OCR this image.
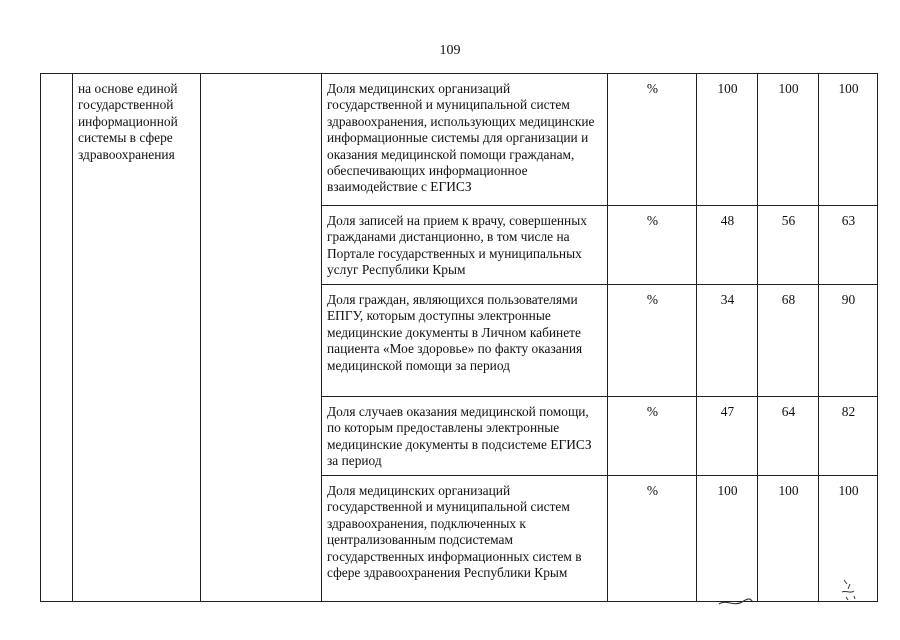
109
	на основе единой государственной информационной системы в сфере здравоохранения		Доля медицинских организаций государственной и муниципальной систем здравоохранения, использующих медицинские информационные системы для организации и оказания медицинской помощи гражданам, обеспечивающих информационное взаимодействие с ЕГИСЗ	%	100	100	100
			Доля записей на прием к врачу, совершенных гражданами дистанционно, в том числе на Портале государственных и муниципальных услуг Республики Крым	%	48	56	63
			Доля граждан, являющихся пользователями ЕПГУ, которым доступны электронные медицинские документы в Личном кабинете пациента «Мое здоровье» по факту оказания медицинской помощи за период	%	34	68	90
			Доля случаев оказания медицинской помощи, по которым предоставлены электронные медицинские документы в подсистеме ЕГИСЗ за период	%	47	64	82
			Доля медицинских организаций государственной и муниципальной систем здравоохранения, подключенных к централизованным подсистемам государственных информационных систем в сфере здравоохранения Республики Крым	%	100	100	100
